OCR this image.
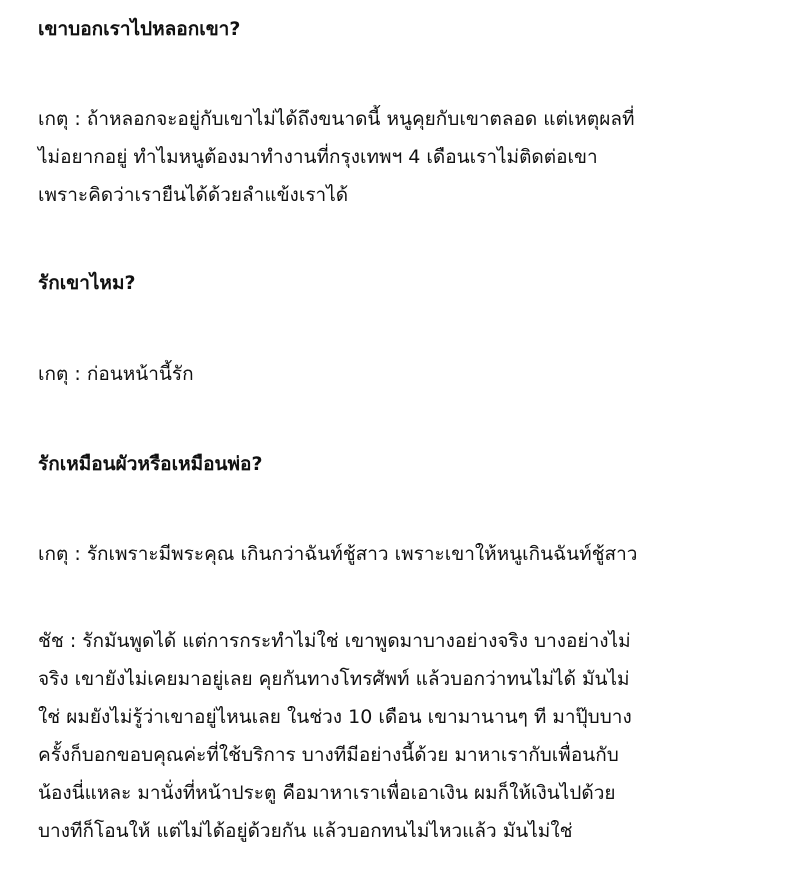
เขาบอกเราไปหลอกเขา?
เกตุ : ถ้าหลอกจะอยู่กับเขาไม่ได้ถึงขนาดนี้ หนูคุยกับเขาตลอด แต่เหตุผลที่
ไม่อยากอยู่ ทำไมหนูต้องมาทำงานที่กรุงเทพฯ 4 เดือนเราไม่ติดต่อเขา
เพราะคิดว่าเรายืนได้ด้วยลำแข้งเราได้
รักเขาไหม?
เกตุ : ก่อนหน้านี้รัก
รักเหมือนผัวหรือเหมือนพ่อ?
เกตุ : รักเพราะมีพระคุณ เกินกว่าฉันท์ชู้สาว เพราะเขาให้หนูเกินฉันท์ชู้สาว
ชัช : รักมันพูดได้ แต่การกระทำไม่ใช่ เขาพูดมาบางอย่างจริง บางอย่างไม่
จริง เขายังไม่เคยมาอยู่เลย คุยกันทางโทรศัพท์ แล้วบอกว่าทนไม่ได้ มันไม่
ใช่ ผมยังไม่รู้ว่าเขาอยู่ไหนเลย ในช่วง 10 เดือน เขามานานๆ ที มาปุ๊บบาง
ครั้งก็บอกขอบคุณค่ะที่ใช้บริการ บางทีมีอย่างนี้ด้วย มาหาเรากับเพื่อนกับ
น้องนี่แหละ มานั่งที่หน้าประตู คือมาหาเราเพื่อเอาเงิน ผมก็ให้เงินไปด้วย
บางทีก็โอนให้ แต่ไม่ได้อยู่ด้วยกัน แล้วบอกทนไม่ไหวแล้ว มันไม่ใช่
